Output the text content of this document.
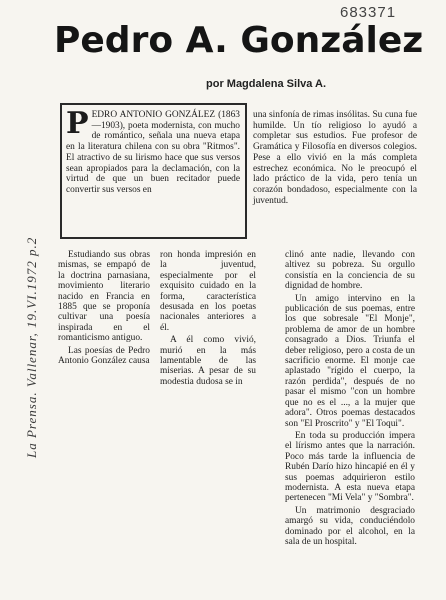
683371
La Prensa. Vallenar, 19.VI.1972 p.2
Pedro A. González
por Magdalena Silva A.

PEDRO ANTONIO GONZÁLEZ (1863—1903), poeta modernista, con mucho de romántico, señala una nueva etapa en la literatura chilena con su obra "Ritmos". El atractivo de su lirismo hace que sus versos sean apropiados para la declamación, con la virtud de que un buen recitador puede convertir sus versos en

una sinfonía de rimas insólitas. Su cuna fue humilde. Un tío religioso lo ayudó a completar sus estudios. Fue profesor de Gramática y Filosofía en diversos colegios. Pese a ello vivió en la más completa estrechez económica. No le preocupó el lado práctico de la vida, pero tenía un corazón bondadoso, especialmente con la juventud.

Estudiando sus obras mismas, se empapó de la doctrina parnasiana, movimiento literario nacido en Francia en 1885 que se proponía cultivar una poesía inspirada en el romanticismo antiguo.

Las poesías de Pedro Antonio González causa

ron honda impresión en la juventud, especialmente por el exquisito cuidado en la forma, característica desusada en los poetas nacionales anteriores a él.

A él como vivió, murió en la más lamentable de las miserias. A pesar de su modestia dudosa se in

clinó ante nadie, llevando con altivez su pobreza. Su orgullo consistía en la conciencia de su dignidad de hombre.

Un amigo intervino en la publicación de sus poemas, entre los que sobresale "El Monje", problema de amor de un hombre consagrado a Dios. Triunfa el deber religioso, pero a costa de un sacrificio enorme. El monje cae aplastado "rígido el cuerpo, la razón perdida", después de no pasar el mismo "con un hombre que no es el ..., a la mujer que adora". Otros poemas destacados son "El Proscrito" y "El Toqui".

En toda su producción impera el lírismo antes que la narración. Poco más tarde la influencia de Rubén Darío hizo hincapié en él y sus poemas adquirieron estilo modernista. A esta nueva etapa pertenecen "Mi Vela" y "Sombra".

Un matrimonio desgraciado amargó su vida, conduciéndolo dominado por el alcohol, en la sala de un hospital.
